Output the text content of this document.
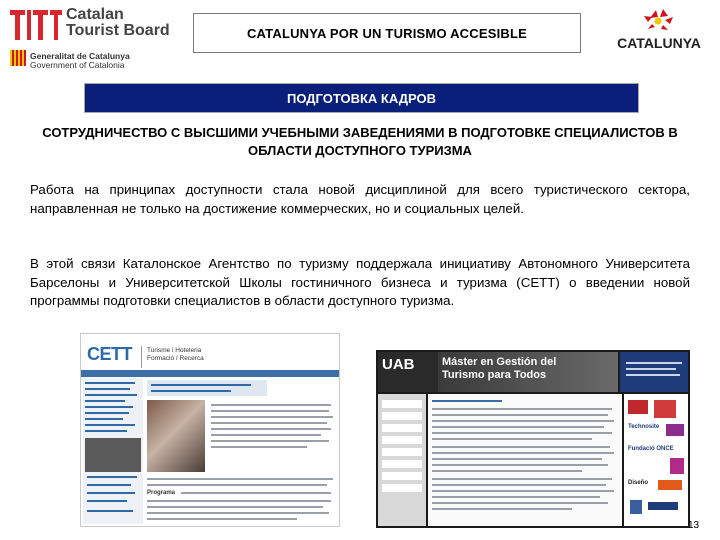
Catalan
Tourist Board
Generalitat de Catalunya
Government of Catalonia
CATALUNYA POR UN TURISMO ACCESIBLE
CATALUNYA
ПОДГОТОВКА КАДРОВ
СОТРУДНИЧЕСТВО С ВЫСШИМИ УЧЕБНЫМИ ЗАВЕДЕНИЯМИ В ПОДГОТОВКЕ СПЕЦИАЛИСТОВ В ОБЛАСТИ ДОСТУПНОГО ТУРИЗМА
Работа на принципах доступности стала новой дисциплиной для всего туристического сектора, направленная не только на достижение коммерческих, но и социальных целей.
В этой связи Каталонское Агентство по туризму поддержала инициативу Автономного Университета Барселоны и Университетской Школы гостиничного бизнеса и туризма (CETT) о введении новой программы подготовки специалистов в области доступного туризма.
CETT Turisme i Hoteleria
Formació / Recerca
Programa
UAB	Máster en Gestión del
Turismo para Todos
Technosite
Fundació ONCE
Diseño
13
